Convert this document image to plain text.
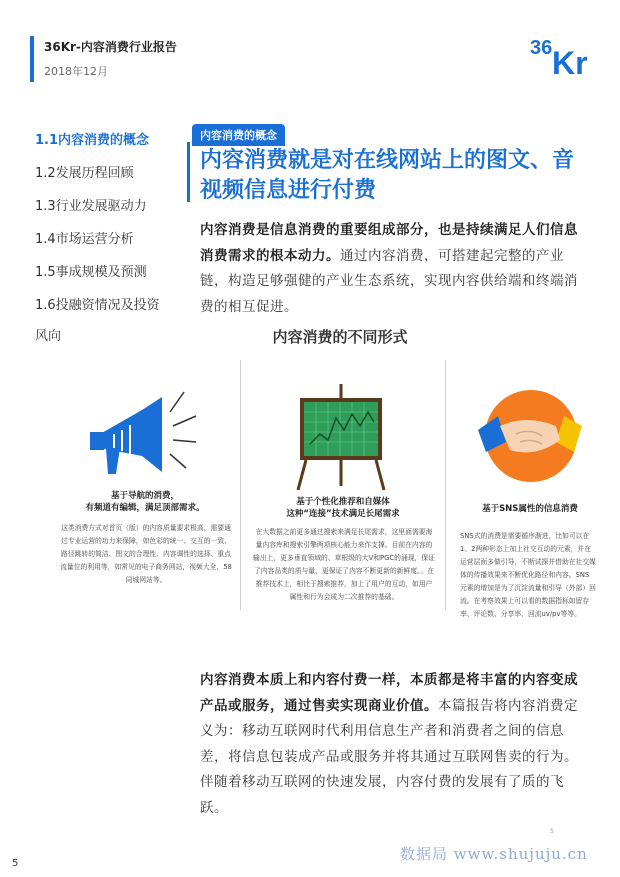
36Kr-内容消费行业报告
2018年12月
36 Kr
1.1内容消费的概念
1.2发展历程回顾
1.3行业发展驱动力
1.4市场运营分析
1.5事成规模及预测
1.6投融资情况及投资
风向
内容消费的概念
内容消费就是对在线网站上的图文、音视频信息进行付费
内容消费是信息消费的重要组成部分，也是持续满足人们信息消费需求的根本动力。通过内容消费，可搭建起完整的产业链，构造足够强健的产业生态系统，实现内容供给端和终端消费的相互促进。
内容消费的不同形式
基于导航的消费，
有频道有编辑，满足顶部需求。
这类消费方式对首页（版）的内容质量要求极高，需要通过专业运营的功力来保障，如色彩的统一、交互的一致、路径跳转的简洁、图文的合理性、内容调性的选择、重点流量位的利用等，如常见的电子商务网站，视频大全，58同城网站等。
基于个性化推荐和自媒体
这种“连接”技术满足长尾需求
在大数据之前更多通过搜索来满足长尾需求，这里面需要海量内容库和搜索引擎两项核心能力来作支撑。目前在内容的输出上，更多垂直领域的、草根级的大V和PGC的涌现，保证了内容品类的质与量，更保证了内容不断更新的新鲜度。。在推荐技术上，相比于搜索推荐，加上了用户的互动，如用户属性和行为会成为二次推荐的基础。
基于SNS属性的信息消费
SNS式的消费是需要循序渐进，比如可以在1、2两种形态上加上社交互动的元素，并在运营层面多做引导，不断试探并借助在社交媒体的传播效果来不断优化路径和内容。SNS元素的增加是为了沉淀流量和引导（外部）回流。在考察效果上可以看的数据指标如留存率、评论数、分享率、回流uv/pv等等。
内容消费本质上和内容付费一样，本质都是将丰富的内容变成产品或服务，通过售卖实现商业价值。本篇报告将内容消费定义为：移动互联网时代利用信息生产者和消费者之间的信息差，将信息包装成产品或服务并将其通过互联网售卖的行为。伴随着移动互联网的快速发展，内容付费的发展有了质的飞跃。
5
5
数据局 www.shujuju.cn
